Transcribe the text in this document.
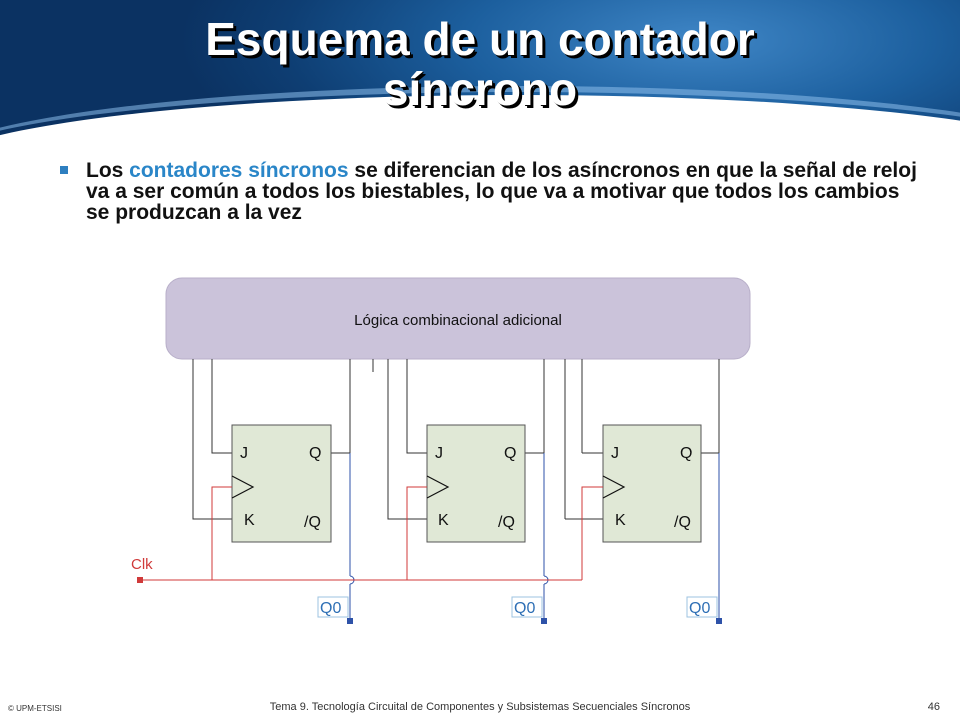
Esquema de un contador
síncrono
Los contadores síncronos se diferencian de los asíncronos en que la señal de reloj va a ser común a todos los biestables, lo que va a motivar que todos los cambios se produzcan a la vez
Lógica combinacional adicional
J
K
Q
/Q
Q0
J
K
Q
/Q
Q0
J
K
Q
/Q
Q0
Clk
© UPM-ETSISI	Tema 9. Tecnología Circuital de Componentes y Subsistemas Secuenciales Síncronos	46
